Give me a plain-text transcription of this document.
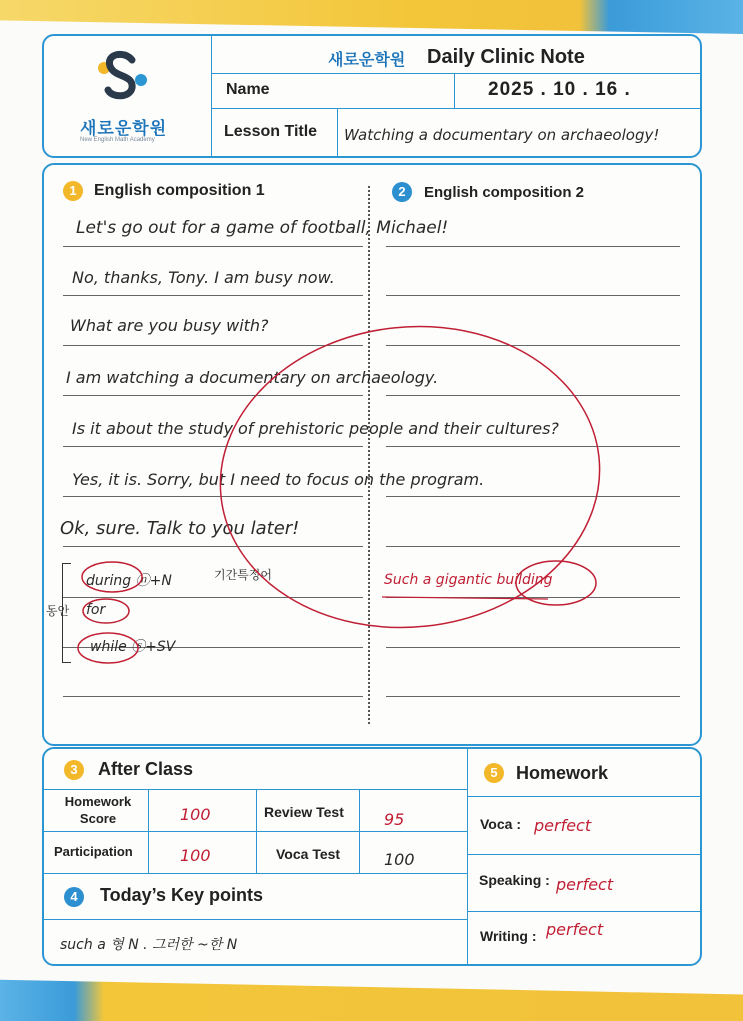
새로운학원
New English Math Academy
새로운학원 Daily Clinic Note
Name	2025 . 10 . 16 .
Lesson Title Watching a documentary on archaeology!
1	English composition 1	2	English composition 2
Let's go out for a game of football, Michael!
No, thanks, Tony. I am busy now.
What are you busy with?
I am watching a documentary on archaeology.
Is it about the study of prehistoric people and their cultures?
Yes, it is. Sorry, but I need to focus on the program.
Ok, sure. Talk to you later!
during ⓝ+N	기간특정어
동안 for
while ⓢ+SV
Such a gigantic building
3	After Class
Homework Score	100	Review Test	95
Participation	100	Voca Test	100
4	Today’s Key points
such a 형 N . 그러한 ~한 N
5	Homework
Voca : perfect
Speaking : perfect
Writing : perfect
